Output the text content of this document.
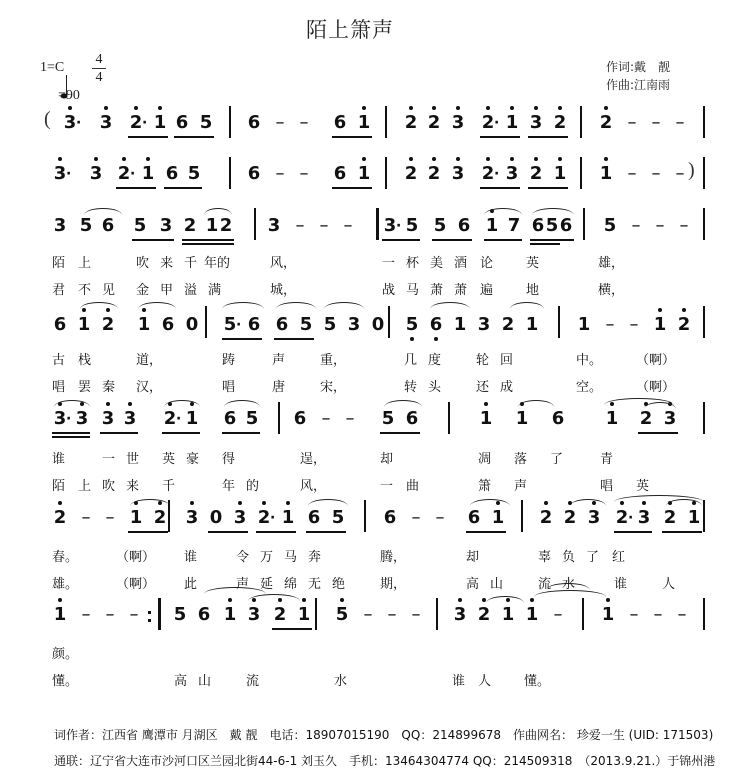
陌上箫声
1=C
4
4
=90
作词:戴　靓
作曲:江南雨
(
)
3 · 3 2 · 1 6 5 6 – – 6 1 2 2 3 2 · 1 3 2 2 – – –
3 · 3 2 · 1 6 5	6 – – 6 1 2 2 3 2 · 3 2 1 1 – – –
3 5 6 5 3 2 1 2 3 – – – 3 · 5 5 6 1 7 6 5 6 5 – – –
6 1 2 1 6 0 5 · 6 6 5 5 3 0 5 6 1 3 2 1 1 – – 1 2
3 · 3 3 3 2 · 1 6 5 6 – – 5 6	1 1 6 1 2 3
2 – – 1 2 3 0 3 2 · 1 6 5 6 – – 6 1 2 2 3 2 · 3 2 1
1 – – – 5 6 1 3 2 1 5 – – – 3 2 1 1 – 1 – – –
陌 上	吹 来 千 年的	风，	一 杯 美 酒 论	英	雄，
君 不 见 金 甲 溢 满	城，	战 马 萧 萧 遍	地	横，
古 栈	道，	踌	声	重，	几 度	轮 回	中。	（啊）
唱 罢 秦 汉，	唱	唐	宋，	转 头	还 成	空。	（啊）
谁	一 世 英 豪 得	逞，	却	凋 落 了	青
陌 上 吹 来 千	年 的	风，	一 曲	箫 声	唱 英
春。	（啊） 谁	令 万 马 奔	腾，	却	辜 负 了 红
雄。	（啊） 此	声 延 绵 无 绝	期，	高 山	流 水	谁	人
颜。
懂。	高 山	流	水	谁 人	懂。
词作者：江西省 鹰潭市 月湖区　戴 靓　电话：18907015190　QQ：214899678　作曲网名： 珍爱一生 (UID: 171503)
通联：辽宁省大连市沙河口区兰园北街44-6-1 刘玉久　手机：13464304774 QQ：214509318　（2013.9.21.）于锦州港
